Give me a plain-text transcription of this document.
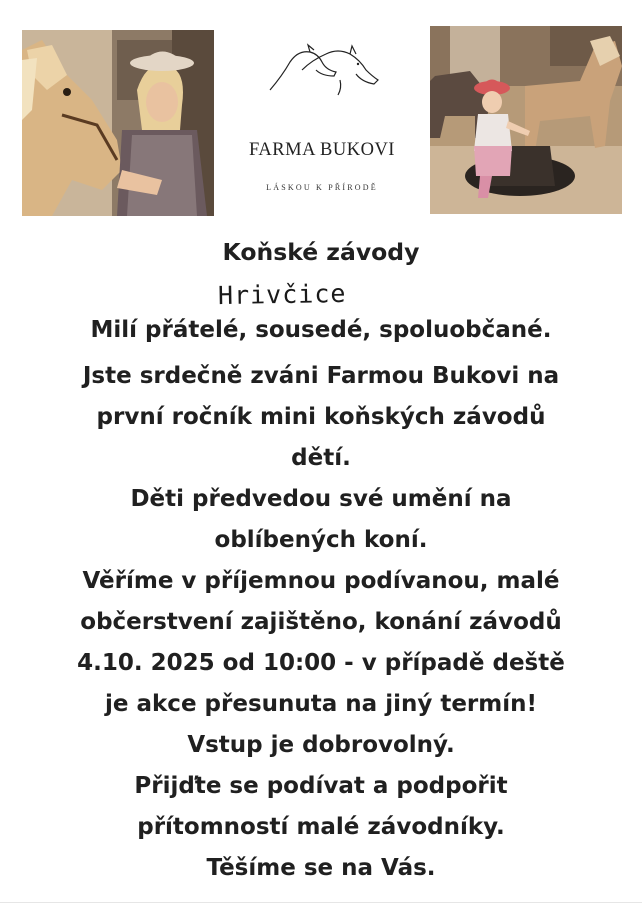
FARMA BUKOVI
LÁSKOU K PŘÍRODĚ
Koňské závody
Hrivčice
Milí přátelé, sousedé, spoluobčané.
Jste srdečně zváni Farmou Bukovi na
první ročník mini koňských závodů
dětí.
Děti předvedou své umění na
oblíbených koní.
Věříme v příjemnou podívanou, malé
občerstvení zajištěno, konání závodů
4.10. 2025 od 10:00 - v případě deště
je akce přesunuta na jiný termín!
Vstup je dobrovolný.
Přijďte se podívat a podpořit
přítomností malé závodníky.
Těšíme se na Vás.
